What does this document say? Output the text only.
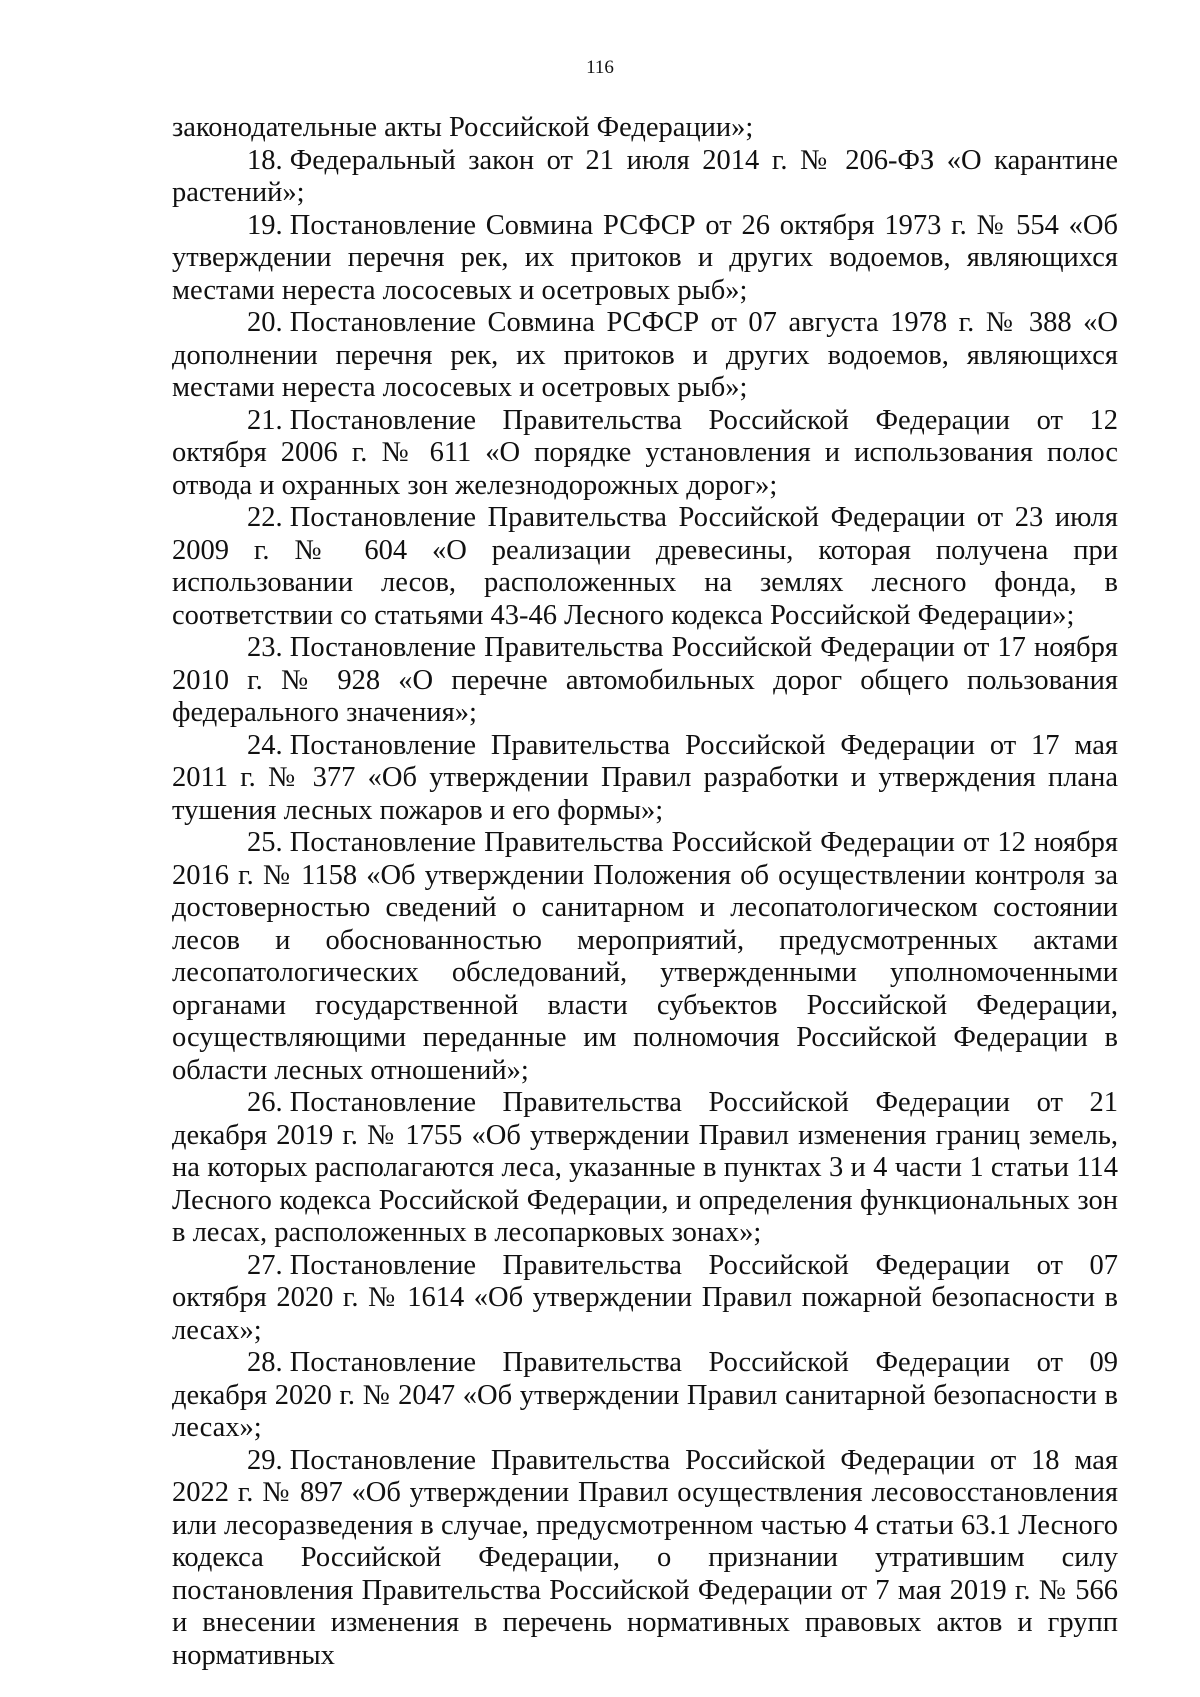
116

законодательные акты Российской Федерации»;

18. Федеральный закон от 21 июля 2014 г. № 206-ФЗ «О карантине растений»;

19. Постановление Совмина РСФСР от 26 октября 1973 г. № 554 «Об утверждении перечня рек, их притоков и других водоемов, являющихся местами нереста лососевых и осетровых рыб»;

20. Постановление Совмина РСФСР от 07 августа 1978 г. № 388 «О дополнении перечня рек, их притоков и других водоемов, являющихся местами нереста лососевых и осетровых рыб»;

21. Постановление Правительства Российской Федерации от 12 октября 2006 г. № 611 «О порядке установления и использования полос отвода и охранных зон железнодорожных дорог»;

22. Постановление Правительства Российской Федерации от 23 июля 2009 г. № 604 «О реализации древесины, которая получена при использовании лесов, расположенных на землях лесного фонда, в соответствии со статьями 43-46 Лесного кодекса Российской Федерации»;

23. Постановление Правительства Российской Федерации от 17 ноября 2010 г. № 928 «О перечне автомобильных дорог общего пользования федерального значения»;

24. Постановление Правительства Российской Федерации от 17 мая 2011 г. № 377 «Об утверждении Правил разработки и утверждения плана тушения лесных пожаров и его формы»;

25. Постановление Правительства Российской Федерации от 12 ноября 2016 г. № 1158 «Об утверждении Положения об осуществлении контроля за достоверностью сведений о санитарном и лесопатологическом состоянии лесов и обоснованностью мероприятий, предусмотренных актами лесопатологических обследований, утвержденными уполномоченными органами государственной власти субъектов Российской Федерации, осуществляющими переданные им полномочия Российской Федерации в области лесных отношений»;

26. Постановление Правительства Российской Федерации от 21 декабря 2019 г. № 1755 «Об утверждении Правил изменения границ земель, на которых располагаются леса, указанные в пунктах 3 и 4 части 1 статьи 114 Лесного кодекса Российской Федерации, и определения функциональных зон в лесах, расположенных в лесопарковых зонах»;

27. Постановление Правительства Российской Федерации от 07 октября 2020 г. № 1614 «Об утверждении Правил пожарной безопасности в лесах»;

28. Постановление Правительства Российской Федерации от 09 декабря 2020 г. № 2047 «Об утверждении Правил санитарной безопасности в лесах»;

29. Постановление Правительства Российской Федерации от 18 мая 2022 г. № 897 «Об утверждении Правил осуществления лесовосстановления или лесоразведения в случае, предусмотренном частью 4 статьи 63.1 Лесного кодекса Российской Федерации, о признании утратившим силу постановления Правительства Российской Федерации от 7 мая 2019 г. № 566 и внесении изменения в перечень нормативных правовых актов и групп нормативных
